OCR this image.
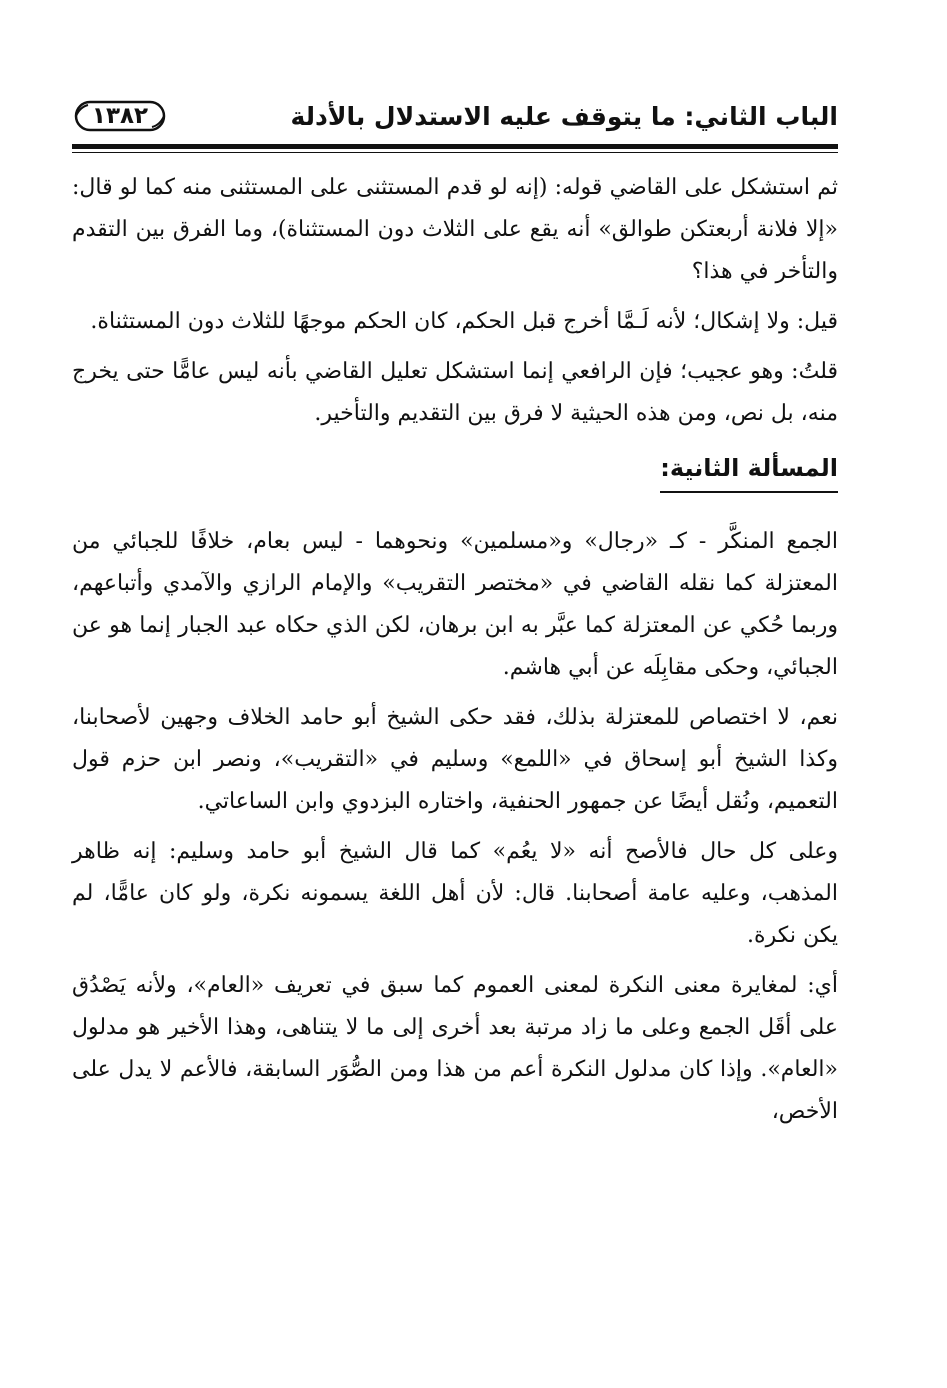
الباب الثاني: ما يتوقف عليه الاستدلال بالأدلة
١٣٨٢

ثم استشكل على القاضي قوله: (إنه لو قدم المستثنى على المستثنى منه كما لو قال: «إلا فلانة أربعتكن طوالق» أنه يقع على الثلاث دون المستثناة)، وما الفرق بين التقدم والتأخر في هذا؟

قيل: ولا إشكال؛ لأنه لَـمَّا أخرج قبل الحكم، كان الحكم موجهًا للثلاث دون المستثناة.

قلتُ: وهو عجيب؛ فإن الرافعي إنما استشكل تعليل القاضي بأنه ليس عامًّا حتى يخرج منه، بل نص، ومن هذه الحيثية لا فرق بين التقديم والتأخير.

المسألة الثانية:

الجمع المنكَّر - كـ «رجال» و«مسلمين» ونحوهما - ليس بعام، خلافًا للجبائي من المعتزلة كما نقله القاضي في «مختصر التقريب» والإمام الرازي والآمدي وأتباعهم، وربما حُكي عن المعتزلة كما عبَّر به ابن برهان، لكن الذي حكاه عبد الجبار إنما هو عن الجبائي، وحكى مقابِلَه عن أبي هاشم.

نعم، لا اختصاص للمعتزلة بذلك، فقد حكى الشيخ أبو حامد الخلاف وجهين لأصحابنا، وكذا الشيخ أبو إسحاق في «اللمع» وسليم في «التقريب»، ونصر ابن حزم قول التعميم، ونُقل أيضًا عن جمهور الحنفية، واختاره البزدوي وابن الساعاتي.

وعلى كل حال فالأصح أنه «لا يعُم» كما قال الشيخ أبو حامد وسليم: إنه ظاهر المذهب، وعليه عامة أصحابنا. قال: لأن أهل اللغة يسمونه نكرة، ولو كان عامًّا، لم يكن نكرة.

أي: لمغايرة معنى النكرة لمعنى العموم كما سبق في تعريف «العام»، ولأنه يَصْدُق على أقَل الجمع وعلى ما زاد مرتبة بعد أخرى إلى ما لا يتناهى، وهذا الأخير هو مدلول «العام». وإذا كان مدلول النكرة أعم من هذا ومن الصُّوَر السابقة، فالأعم لا يدل على الأخص،
